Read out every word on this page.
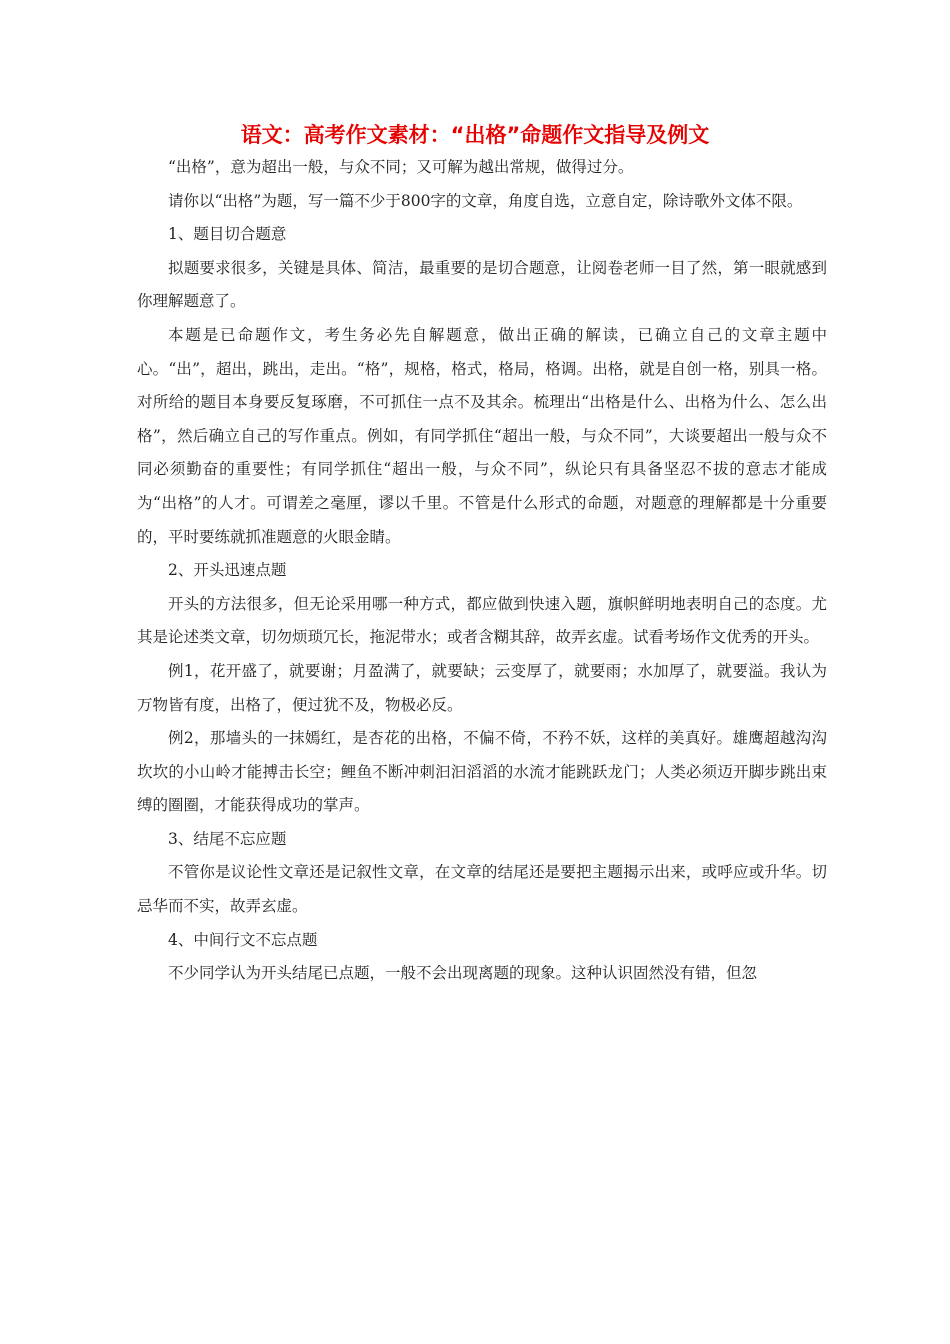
语文：高考作文素材：“出格”命题作文指导及例文

“出格”，意为超出一般，与众不同；又可解为越出常规，做得过分。

请你以“出格”为题，写一篇不少于800字的文章，角度自选，立意自定，除诗歌外文体不限。

1、题目切合题意

拟题要求很多，关键是具体、简洁，最重要的是切合题意，让阅卷老师一目了然，第一眼就感到你理解题意了。

本题是已命题作文，考生务必先自解题意，做出正确的解读，已确立自己的文章主题中心。“出”，超出，跳出，走出。“格”，规格，格式，格局，格调。出格，就是自创一格，别具一格。对所给的题目本身要反复琢磨，不可抓住一点不及其余。梳理出“出格是什么、出格为什么、怎么出格”，然后确立自己的写作重点。例如，有同学抓住“超出一般，与众不同”，大谈要超出一般与众不同必须勤奋的重要性；有同学抓住“超出一般，与众不同”，纵论只有具备坚忍不拔的意志才能成为“出格”的人才。可谓差之毫厘，谬以千里。不管是什么形式的命题，对题意的理解都是十分重要的，平时要练就抓准题意的火眼金睛。

2、开头迅速点题

开头的方法很多，但无论采用哪一种方式，都应做到快速入题，旗帜鲜明地表明自己的态度。尤其是论述类文章，切勿烦琐冗长，拖泥带水；或者含糊其辞，故弄玄虚。试看考场作文优秀的开头。

例1，花开盛了，就要谢；月盈满了，就要缺；云变厚了，就要雨；水加厚了，就要溢。我认为万物皆有度，出格了，便过犹不及，物极必反。

例2，那墙头的一抹嫣红，是杏花的出格，不偏不倚，不矜不妖，这样的美真好。雄鹰超越沟沟坎坎的小山岭才能搏击长空；鲤鱼不断冲刺汩汩滔滔的水流才能跳跃龙门；人类必须迈开脚步跳出束缚的圈圈，才能获得成功的掌声。

3、结尾不忘应题

不管你是议论性文章还是记叙性文章，在文章的结尾还是要把主题揭示出来，或呼应或升华。切忌华而不实，故弄玄虚。

4、中间行文不忘点题

不少同学认为开头结尾已点题，一般不会出现离题的现象。这种认识固然没有错，但忽
